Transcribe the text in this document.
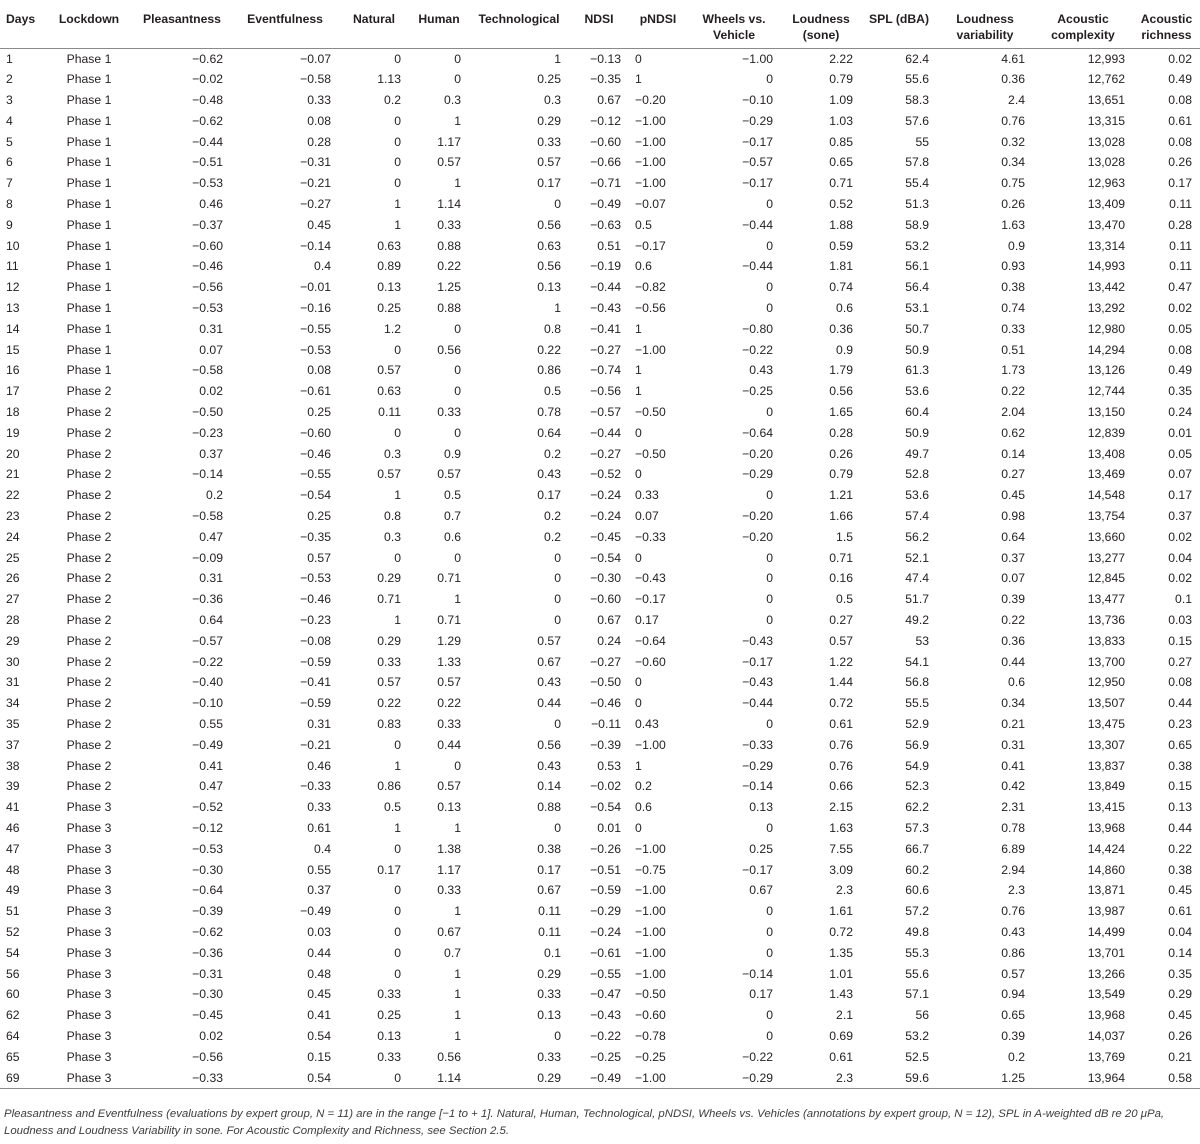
Days	Lockdown	Pleasantness	Eventfulness	Natural	Human	Technological	NDSI	pNDSI	Wheels vs. Vehicle	Loudness (sone)	SPL (dBA)	Loudness variability	Acoustic complexity	Acoustic richness
1	Phase 1	−0.62	−0.07	0	0	1	−0.13	0	−1.00	2.22	62.4	4.61	12,993	0.02
2	Phase 1	−0.02	−0.58	1.13	0	0.25	−0.35	1	0	0.79	55.6	0.36	12,762	0.49
3	Phase 1	−0.48	0.33	0.2	0.3	0.3	0.67	−0.20	−0.10	1.09	58.3	2.4	13,651	0.08
4	Phase 1	−0.62	0.08	0	1	0.29	−0.12	−1.00	−0.29	1.03	57.6	0.76	13,315	0.61
5	Phase 1	−0.44	0.28	0	1.17	0.33	−0.60	−1.00	−0.17	0.85	55	0.32	13,028	0.08
6	Phase 1	−0.51	−0.31	0	0.57	0.57	−0.66	−1.00	−0.57	0.65	57.8	0.34	13,028	0.26
7	Phase 1	−0.53	−0.21	0	1	0.17	−0.71	−1.00	−0.17	0.71	55.4	0.75	12,963	0.17
8	Phase 1	0.46	−0.27	1	1.14	0	−0.49	−0.07	0	0.52	51.3	0.26	13,409	0.11
9	Phase 1	−0.37	0.45	1	0.33	0.56	−0.63	0.5	−0.44	1.88	58.9	1.63	13,470	0.28
10	Phase 1	−0.60	−0.14	0.63	0.88	0.63	0.51	−0.17	0	0.59	53.2	0.9	13,314	0.11
11	Phase 1	−0.46	0.4	0.89	0.22	0.56	−0.19	0.6	−0.44	1.81	56.1	0.93	14,993	0.11
12	Phase 1	−0.56	−0.01	0.13	1.25	0.13	−0.44	−0.82	0	0.74	56.4	0.38	13,442	0.47
13	Phase 1	−0.53	−0.16	0.25	0.88	1	−0.43	−0.56	0	0.6	53.1	0.74	13,292	0.02
14	Phase 1	0.31	−0.55	1.2	0	0.8	−0.41	1	−0.80	0.36	50.7	0.33	12,980	0.05
15	Phase 1	0.07	−0.53	0	0.56	0.22	−0.27	−1.00	−0.22	0.9	50.9	0.51	14,294	0.08
16	Phase 1	−0.58	0.08	0.57	0	0.86	−0.74	1	0.43	1.79	61.3	1.73	13,126	0.49
17	Phase 2	0.02	−0.61	0.63	0	0.5	−0.56	1	−0.25	0.56	53.6	0.22	12,744	0.35
18	Phase 2	−0.50	0.25	0.11	0.33	0.78	−0.57	−0.50	0	1.65	60.4	2.04	13,150	0.24
19	Phase 2	−0.23	−0.60	0	0	0.64	−0.44	0	−0.64	0.28	50.9	0.62	12,839	0.01
20	Phase 2	0.37	−0.46	0.3	0.9	0.2	−0.27	−0.50	−0.20	0.26	49.7	0.14	13,408	0.05
21	Phase 2	−0.14	−0.55	0.57	0.57	0.43	−0.52	0	−0.29	0.79	52.8	0.27	13,469	0.07
22	Phase 2	0.2	−0.54	1	0.5	0.17	−0.24	0.33	0	1.21	53.6	0.45	14,548	0.17
23	Phase 2	−0.58	0.25	0.8	0.7	0.2	−0.24	0.07	−0.20	1.66	57.4	0.98	13,754	0.37
24	Phase 2	0.47	−0.35	0.3	0.6	0.2	−0.45	−0.33	−0.20	1.5	56.2	0.64	13,660	0.02
25	Phase 2	−0.09	0.57	0	0	0	−0.54	0	0	0.71	52.1	0.37	13,277	0.04
26	Phase 2	0.31	−0.53	0.29	0.71	0	−0.30	−0.43	0	0.16	47.4	0.07	12,845	0.02
27	Phase 2	−0.36	−0.46	0.71	1	0	−0.60	−0.17	0	0.5	51.7	0.39	13,477	0.1
28	Phase 2	0.64	−0.23	1	0.71	0	0.67	0.17	0	0.27	49.2	0.22	13,736	0.03
29	Phase 2	−0.57	−0.08	0.29	1.29	0.57	0.24	−0.64	−0.43	0.57	53	0.36	13,833	0.15
30	Phase 2	−0.22	−0.59	0.33	1.33	0.67	−0.27	−0.60	−0.17	1.22	54.1	0.44	13,700	0.27
31	Phase 2	−0.40	−0.41	0.57	0.57	0.43	−0.50	0	−0.43	1.44	56.8	0.6	12,950	0.08
34	Phase 2	−0.10	−0.59	0.22	0.22	0.44	−0.46	0	−0.44	0.72	55.5	0.34	13,507	0.44
35	Phase 2	0.55	0.31	0.83	0.33	0	−0.11	0.43	0	0.61	52.9	0.21	13,475	0.23
37	Phase 2	−0.49	−0.21	0	0.44	0.56	−0.39	−1.00	−0.33	0.76	56.9	0.31	13,307	0.65
38	Phase 2	0.41	0.46	1	0	0.43	0.53	1	−0.29	0.76	54.9	0.41	13,837	0.38
39	Phase 2	0.47	−0.33	0.86	0.57	0.14	−0.02	0.2	−0.14	0.66	52.3	0.42	13,849	0.15
41	Phase 3	−0.52	0.33	0.5	0.13	0.88	−0.54	0.6	0.13	2.15	62.2	2.31	13,415	0.13
46	Phase 3	−0.12	0.61	1	1	0	0.01	0	0	1.63	57.3	0.78	13,968	0.44
47	Phase 3	−0.53	0.4	0	1.38	0.38	−0.26	−1.00	0.25	7.55	66.7	6.89	14,424	0.22
48	Phase 3	−0.30	0.55	0.17	1.17	0.17	−0.51	−0.75	−0.17	3.09	60.2	2.94	14,860	0.38
49	Phase 3	−0.64	0.37	0	0.33	0.67	−0.59	−1.00	0.67	2.3	60.6	2.3	13,871	0.45
51	Phase 3	−0.39	−0.49	0	1	0.11	−0.29	−1.00	0	1.61	57.2	0.76	13,987	0.61
52	Phase 3	−0.62	0.03	0	0.67	0.11	−0.24	−1.00	0	0.72	49.8	0.43	14,499	0.04
54	Phase 3	−0.36	0.44	0	0.7	0.1	−0.61	−1.00	0	1.35	55.3	0.86	13,701	0.14
56	Phase 3	−0.31	0.48	0	1	0.29	−0.55	−1.00	−0.14	1.01	55.6	0.57	13,266	0.35
60	Phase 3	−0.30	0.45	0.33	1	0.33	−0.47	−0.50	0.17	1.43	57.1	0.94	13,549	0.29
62	Phase 3	−0.45	0.41	0.25	1	0.13	−0.43	−0.60	0	2.1	56	0.65	13,968	0.45
64	Phase 3	0.02	0.54	0.13	1	0	−0.22	−0.78	0	0.69	53.2	0.39	14,037	0.26
65	Phase 3	−0.56	0.15	0.33	0.56	0.33	−0.25	−0.25	−0.22	0.61	52.5	0.2	13,769	0.21
69	Phase 3	−0.33	0.54	0	1.14	0.29	−0.49	−1.00	−0.29	2.3	59.6	1.25	13,964	0.58

Pleasantness and Eventfulness (evaluations by expert group, N = 11) are in the range [−1 to + 1]. Natural, Human, Technological, pNDSI, Wheels vs. Vehicles (annotations by expert group, N = 12), SPL in A-weighted dB re 20 μPa, Loudness and Loudness Variability in sone. For Acoustic Complexity and Richness, see Section 2.5.
